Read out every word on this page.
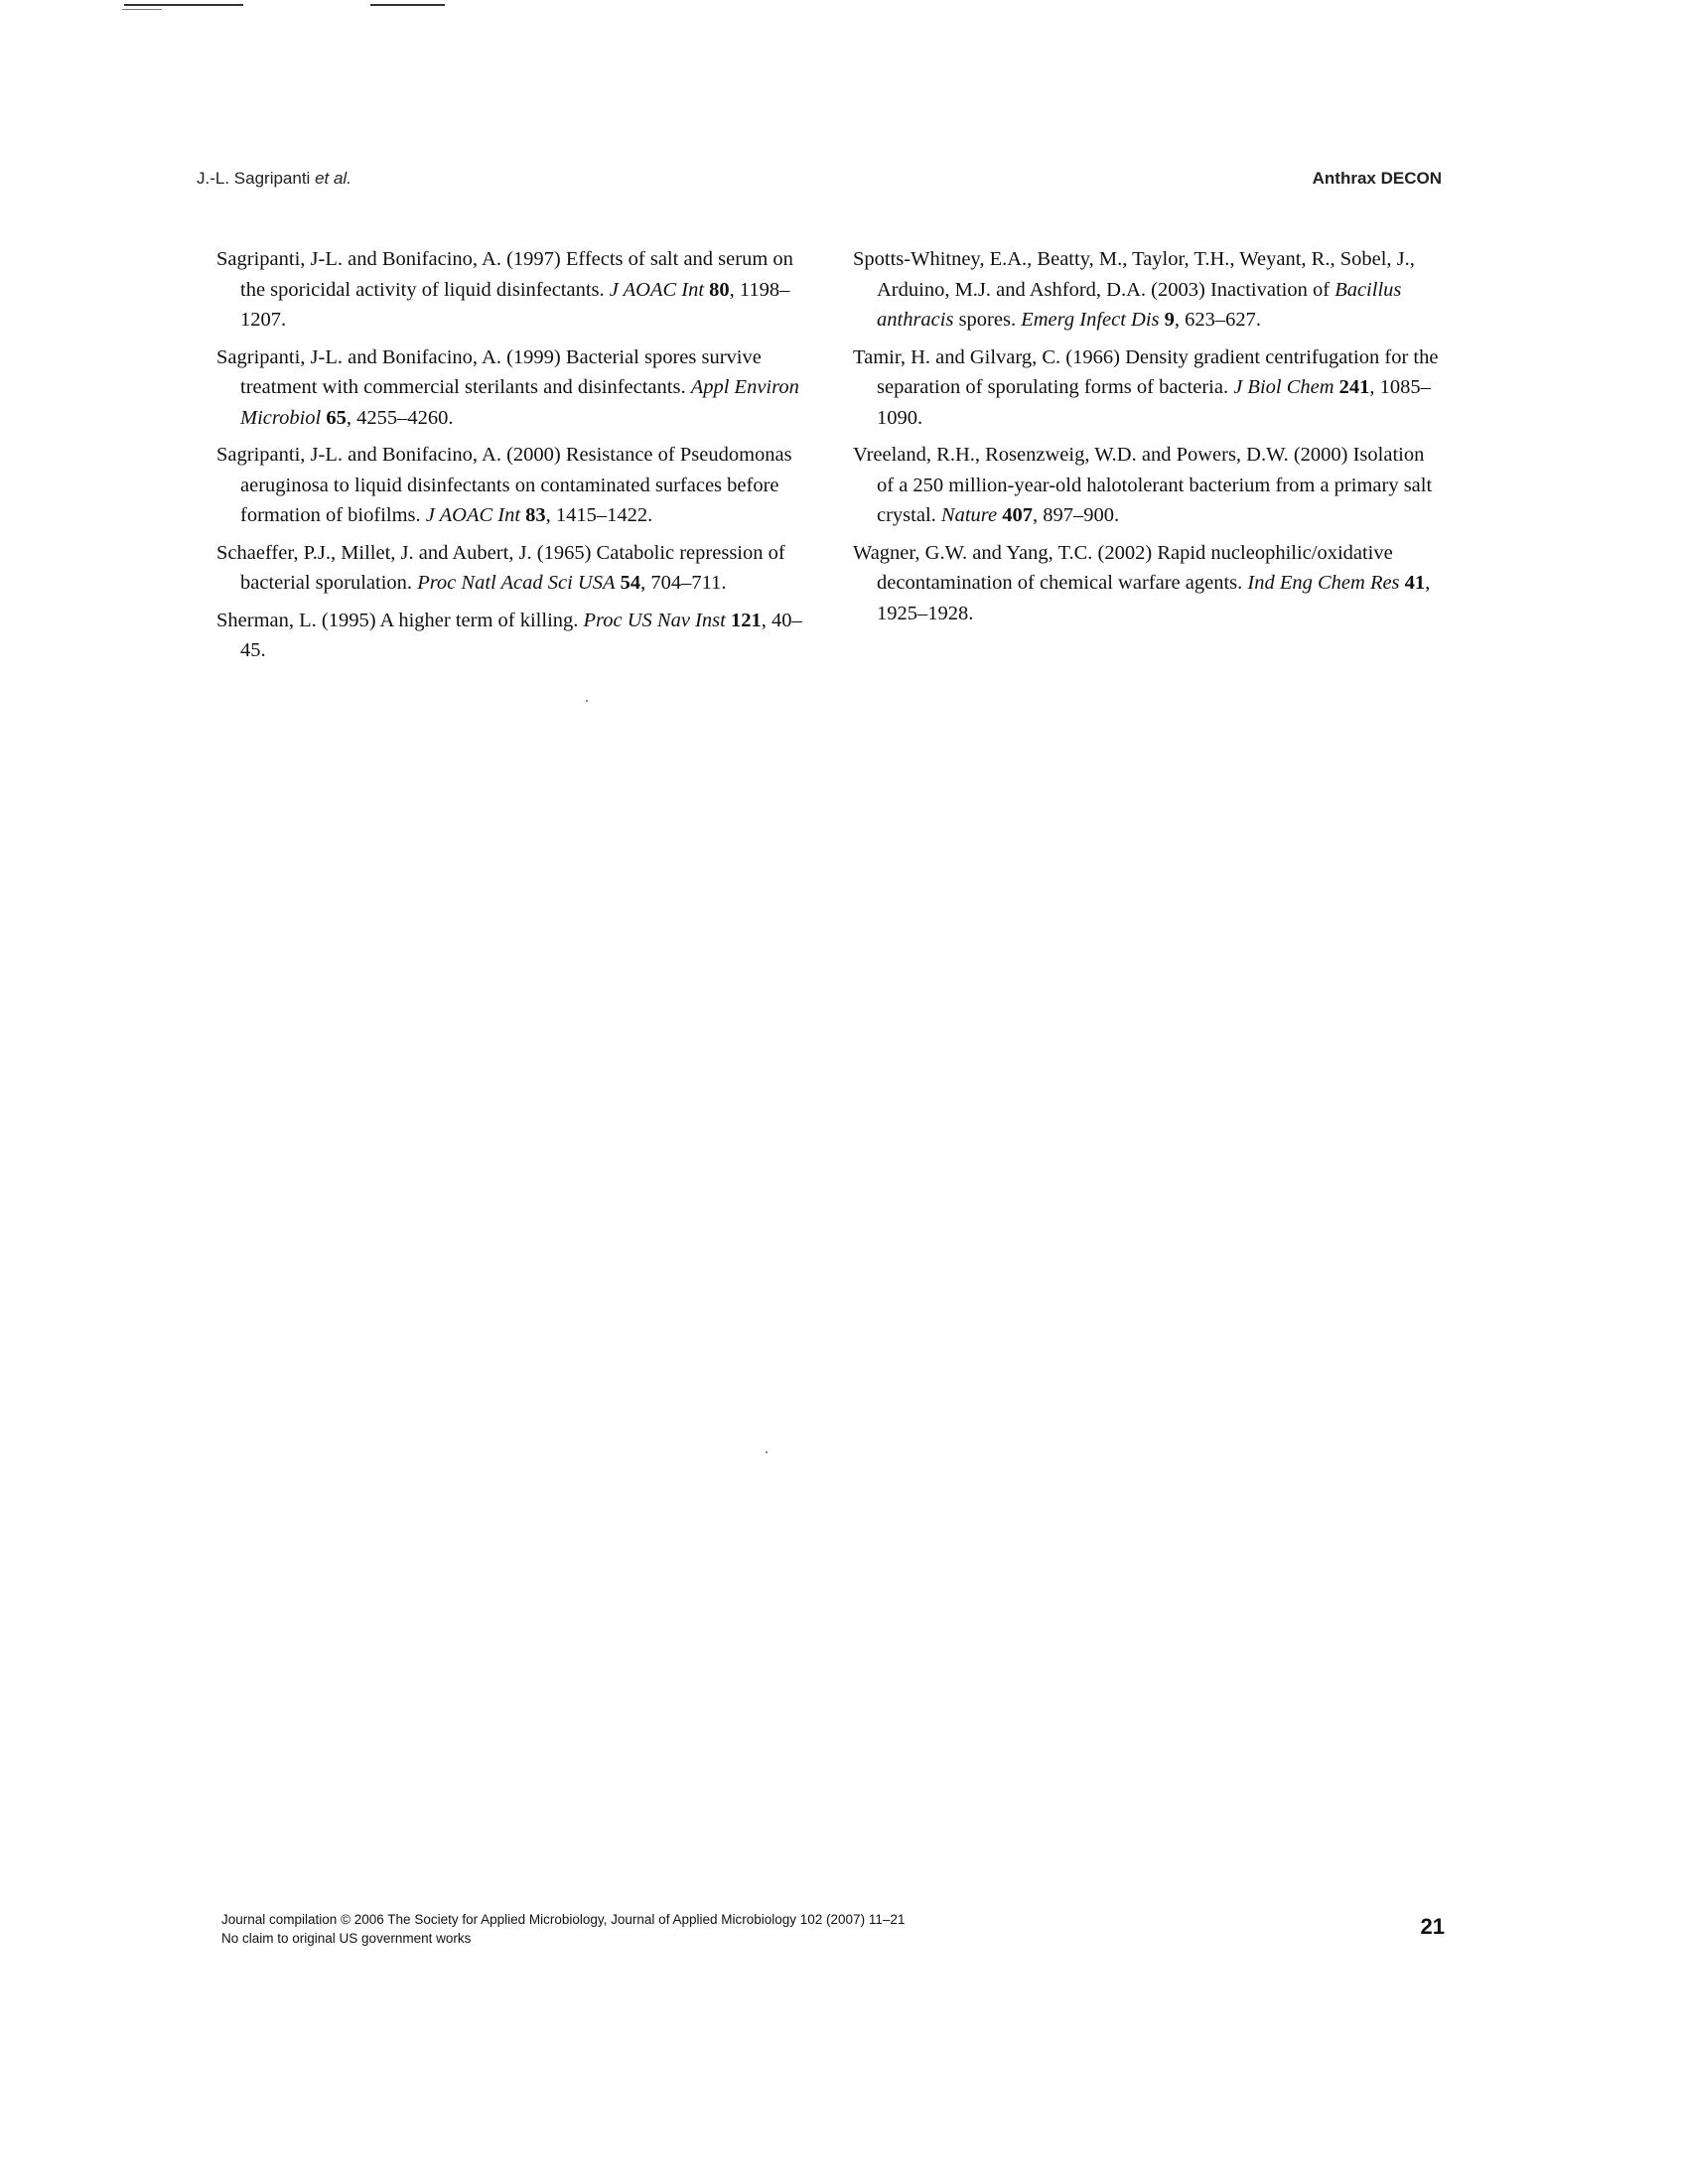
J.-L. Sagripanti et al.	Anthrax DECON

Sagripanti, J-L. and Bonifacino, A. (1997) Effects of salt and serum on the sporicidal activity of liquid disinfectants. J AOAC Int 80, 1198–1207.

Sagripanti, J-L. and Bonifacino, A. (1999) Bacterial spores survive treatment with commercial sterilants and disinfectants. Appl Environ Microbiol 65, 4255–4260.

Sagripanti, J-L. and Bonifacino, A. (2000) Resistance of Pseudomonas aeruginosa to liquid disinfectants on contaminated surfaces before formation of biofilms. J AOAC Int 83, 1415–1422.

Schaeffer, P.J., Millet, J. and Aubert, J. (1965) Catabolic repression of bacterial sporulation. Proc Natl Acad Sci USA 54, 704–711.

Sherman, L. (1995) A higher term of killing. Proc US Nav Inst 121, 40–45.

Spotts-Whitney, E.A., Beatty, M., Taylor, T.H., Weyant, R., Sobel, J., Arduino, M.J. and Ashford, D.A. (2003) Inactivation of Bacillus anthracis spores. Emerg Infect Dis 9, 623–627.

Tamir, H. and Gilvarg, C. (1966) Density gradient centrifugation for the separation of sporulating forms of bacteria. J Biol Chem 241, 1085–1090.

Vreeland, R.H., Rosenzweig, W.D. and Powers, D.W. (2000) Isolation of a 250 million-year-old halotolerant bacterium from a primary salt crystal. Nature 407, 897–900.

Wagner, G.W. and Yang, T.C. (2002) Rapid nucleophilic/oxidative decontamination of chemical warfare agents. Ind Eng Chem Res 41, 1925–1928.

Journal compilation © 2006 The Society for Applied Microbiology, Journal of Applied Microbiology 102 (2007) 11–21
No claim to original US government works	21
